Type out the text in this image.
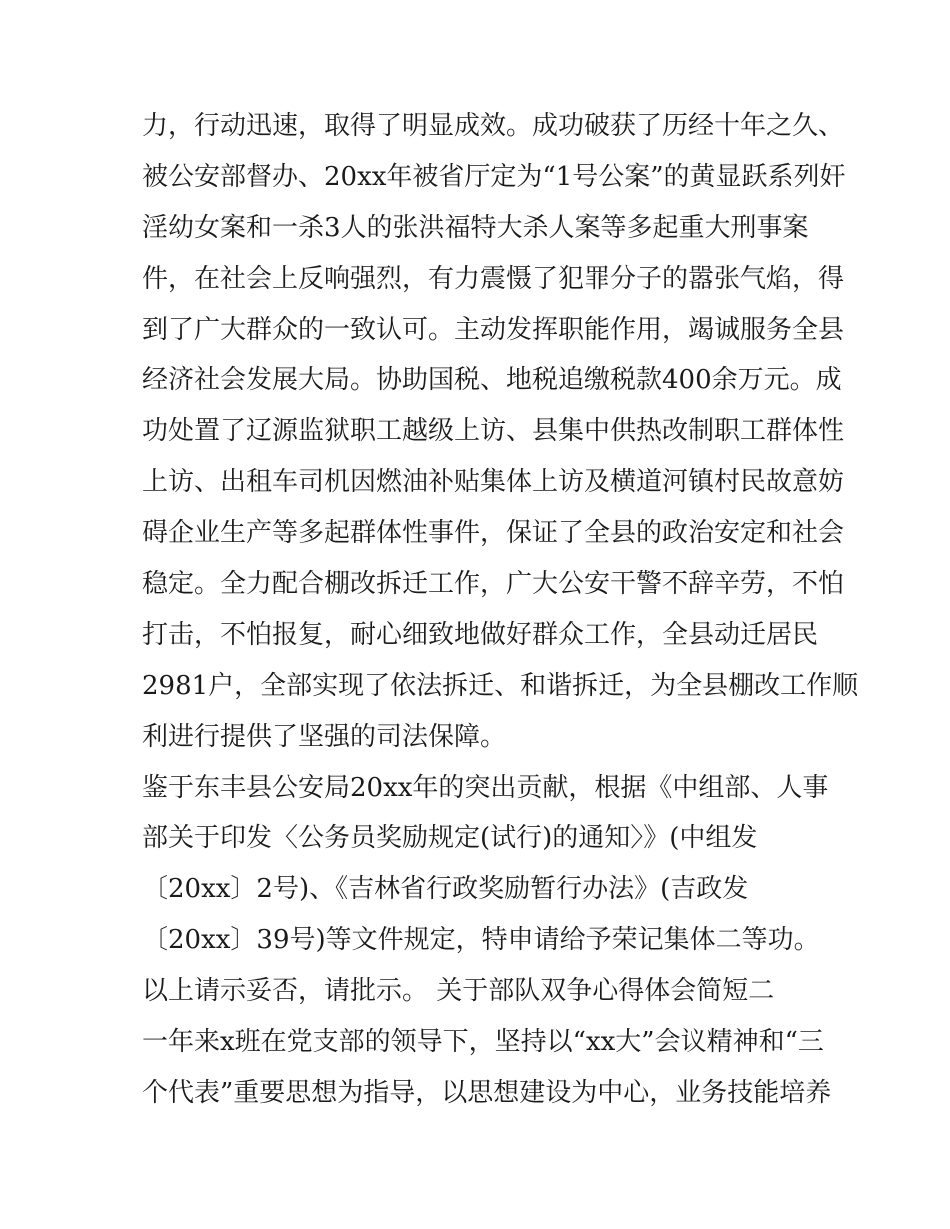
力，行动迅速，取得了明显成效。成功破获了历经十年之久、
被公安部督办、20xx年被省厅定为“1号公案”的黄显跃系列奸
淫幼女案和一杀3人的张洪福特大杀人案等多起重大刑事案
件，在社会上反响强烈，有力震慑了犯罪分子的嚣张气焰，得
到了广大群众的一致认可。主动发挥职能作用，竭诚服务全县
经济社会发展大局。协助国税、地税追缴税款400余万元。成
功处置了辽源监狱职工越级上访、县集中供热改制职工群体性
上访、出租车司机因燃油补贴集体上访及横道河镇村民故意妨
碍企业生产等多起群体性事件，保证了全县的政治安定和社会
稳定。全力配合棚改拆迁工作，广大公安干警不辞辛劳，不怕
打击，不怕报复，耐心细致地做好群众工作，全县动迁居民
2981户，全部实现了依法拆迁、和谐拆迁，为全县棚改工作顺
利进行提供了坚强的司法保障。
鉴于东丰县公安局20xx年的突出贡献，根据《中组部、人事
部关于印发〈公务员奖励规定(试行)的通知〉》(中组发
〔20xx〕2号)、《吉林省行政奖励暂行办法》(吉政发
〔20xx〕39号)等文件规定，特申请给予荣记集体二等功。
以上请示妥否，请批示。 关于部队双争心得体会简短二
一年来x班在党支部的领导下，坚持以“xx大”会议精神和“三
个代表”重要思想为指导，以思想建设为中心，业务技能培养
